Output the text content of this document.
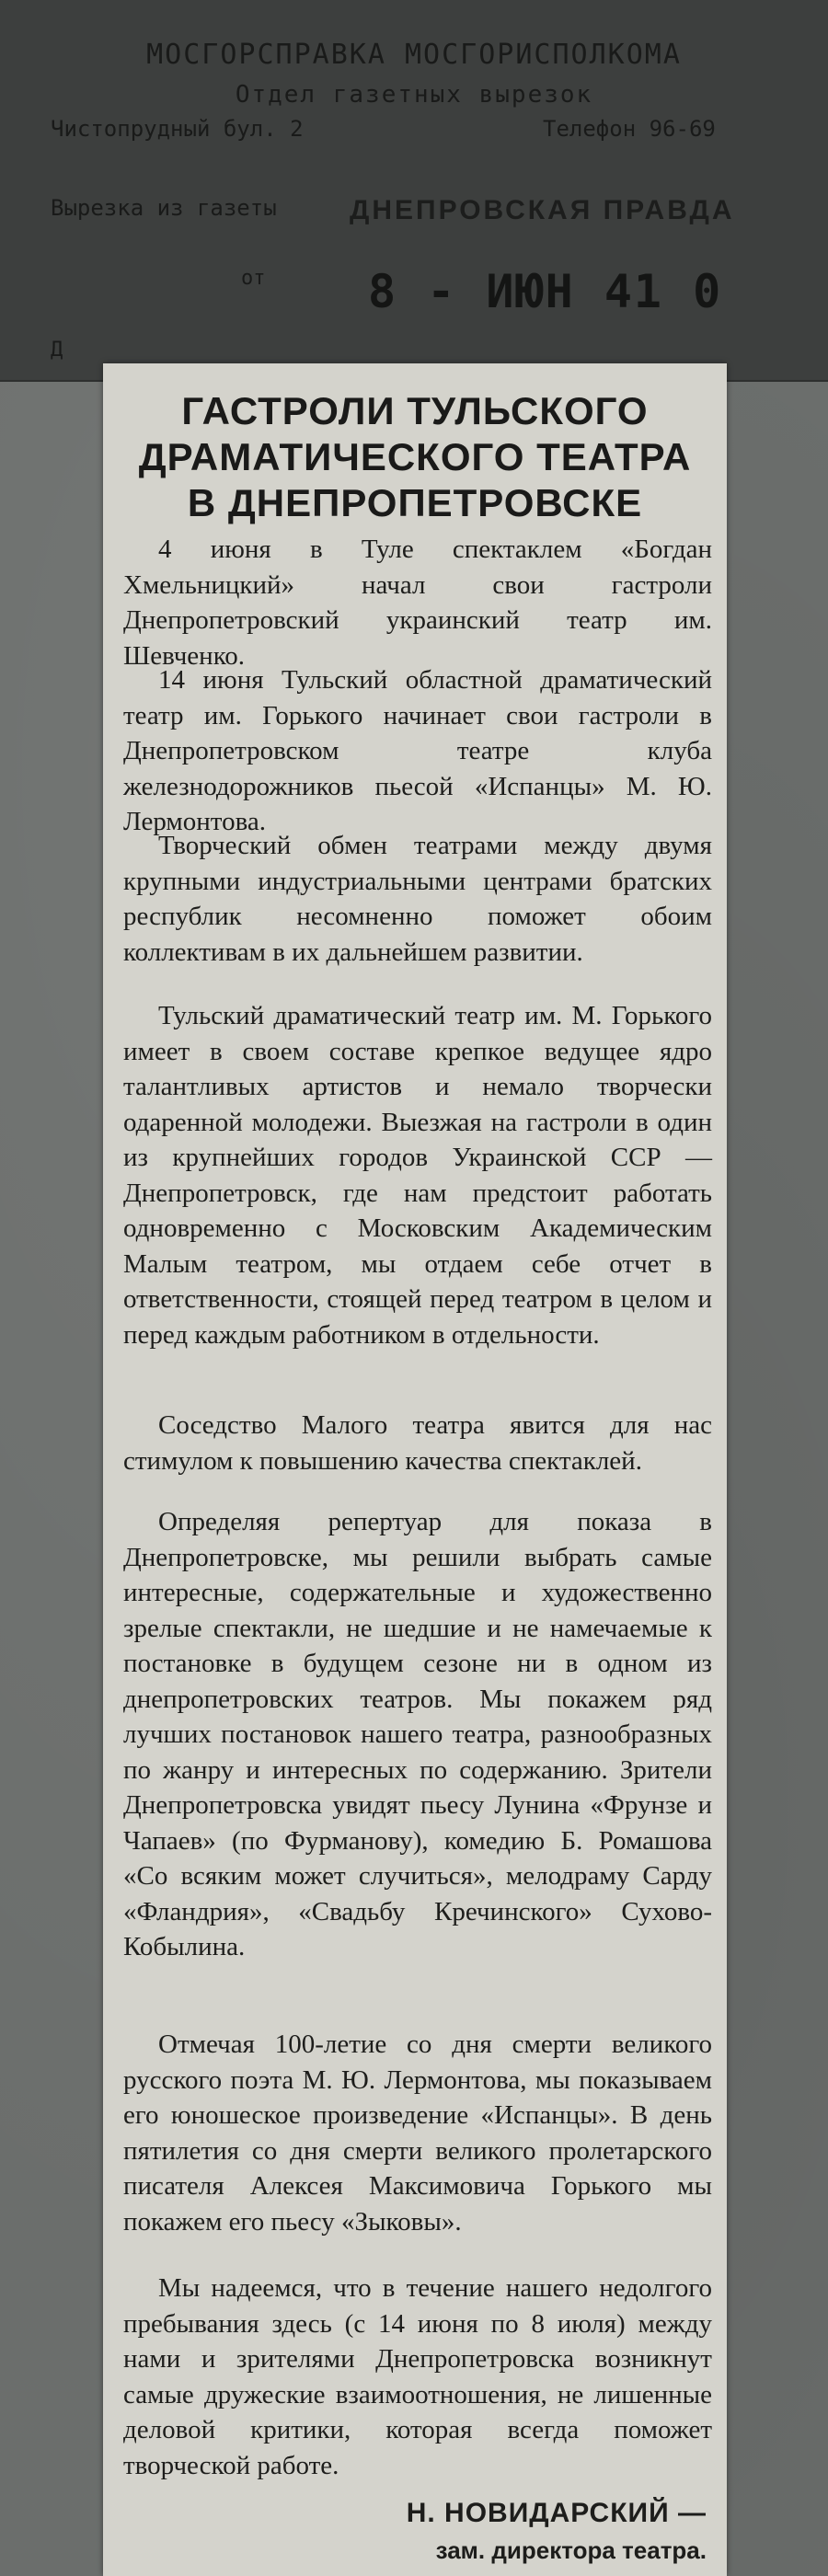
МОСГОРСПРАВКА МОСГОРИСПОЛКОМА
Отдел газетных вырезок
Чистопрудный бул. 2	Телефон 96-69
Вырезка из газеты	ДНЕПРОВСКАЯ ПРАВДА
от 8 - ИЮН 41 0
Д
ГАСТРОЛИ ТУЛЬСКОГО
ДРАМАТИЧЕСКОГО ТЕАТРА
В ДНЕПРОПЕТРОВСКЕ
4 июня в Туле спектаклем «Богдан Хмельницкий» начал свои гастроли Днепропетровский украинский театр им. Шевченко.
14 июня Тульский областной драматический театр им. Горького начинает свои гастроли в Днепропетровском театре клуба железнодорожников пьесой «Испанцы» М. Ю. Лермонтова.
Творческий обмен театрами между двумя крупными индустриальными центрами братских республик несомненно поможет обоим коллективам в их дальнейшем развитии.
Тульский драматический театр им. М. Горького имеет в своем составе крепкое ведущее ядро талантливых артистов и немало творчески одаренной молодежи. Выезжая на гастроли в один из крупнейших городов Украинской ССР — Днепропетровск, где нам предстоит работать одновременно с Московским Академическим Малым театром, мы отдаем себе отчет в ответственности, стоящей перед театром в целом и перед каждым работником в отдельности.
Соседство Малого театра явится для нас стимулом к повышению качества спектаклей.
Определяя репертуар для показа в Днепропетровске, мы решили выбрать самые интересные, содержательные и художественно зрелые спектакли, не шедшие и не намечаемые к постановке в будущем сезоне ни в одном из днепропетровских театров. Мы покажем ряд лучших постановок нашего театра, разнообразных по жанру и интересных по содержанию. Зрители Днепропетровска увидят пьесу Лунина «Фрунзе и Чапаев» (по Фурманову), комедию Б. Ромашова «Со всяким может случиться», мелодраму Сарду «Фландрия», «Свадьбу Кречинского» Сухово-Кобылина.
Отмечая 100-летие со дня смерти великого русского поэта М. Ю. Лермонтова, мы показываем его юношеское произведение «Испанцы». В день пятилетия со дня смерти великого пролетарского писателя Алексея Максимовича Горького мы покажем его пьесу «Зыковы».
Мы надеемся, что в течение нашего недолгого пребывания здесь (с 14 июня по 8 июля) между нами и зрителями Днепропетровска возникнут самые дружеские взаимоотношения, не лишенные деловой критики, которая всегда поможет творческой работе.
Н. НОВИДАРСКИЙ —
зам. директора театра.
